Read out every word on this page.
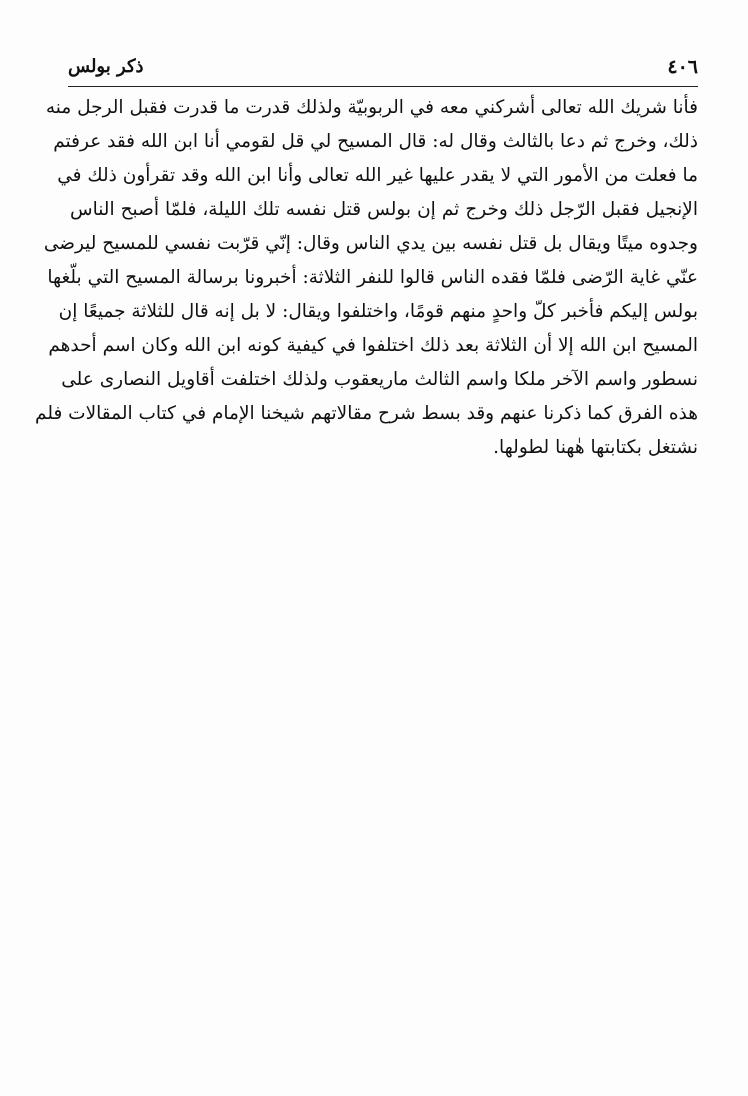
٤٠٦
ذكر بولس
فأنا شريك الله تعالى أشركني معه في الربوبيّة ولذلك قدرت ما قدرت فقبل الرجل منه
ذلك، وخرج ثم دعا بالثالث وقال له: قال المسيح لي قل لقومي أنا ابن الله فقد عرفتم
ما فعلت من الأمور التي لا يقدر عليها غير الله تعالى وأنا ابن الله وقد تقرأون ذلك في
الإنجيل فقبل الرّجل ذلك وخرج ثم إن بولس قتل نفسه تلك الليلة، فلمّا أصبح الناس
وجدوه ميتًا ويقال بل قتل نفسه بين يدي الناس وقال: إنّي قرّبت نفسي للمسيح ليرضى
عنّي غاية الرّضى فلمّا فقده الناس قالوا للنفر الثلاثة: أخبرونا برسالة المسيح التي بلّغها
بولس إليكم فأخبر كلّ واحدٍ منهم قومًا، واختلفوا ويقال: لا بل إنه قال للثلاثة جميعًا إن
المسيح ابن الله إلا أن الثلاثة بعد ذلك اختلفوا في كيفية كونه ابن الله وكان اسم أحدهم
نسطور واسم الآخر ملكا واسم الثالث ماريعقوب ولذلك اختلفت أقاويل النصارى على
هذه الفرق كما ذكرنا عنهم وقد بسط شرح مقالاتهم شيخنا الإمام في كتاب المقالات فلم
نشتغل بكتابتها هٰهنا لطولها.
